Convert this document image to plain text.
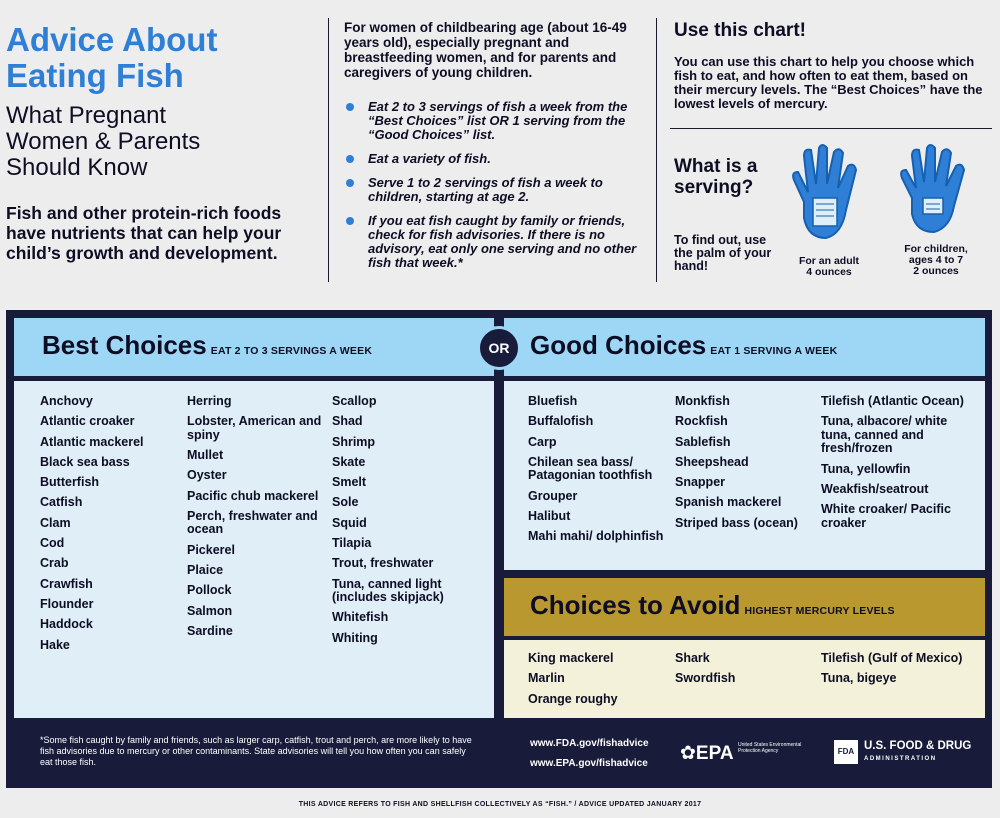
Advice About
Eating Fish
What Pregnant
Women & Parents
Should Know
Fish and other protein-rich foods have nutrients that can help your child’s growth and development.
For women of childbearing age (about 16-49 years old), especially pregnant and breastfeeding women, and for parents and caregivers of young children.
Eat 2 to 3 servings of fish a week from the “Best Choices” list OR 1 serving from the “Good Choices” list.
Eat a variety of fish.
Serve 1 to 2 servings of fish a week to children, starting at age 2.
If you eat fish caught by family or friends, check for fish advisories. If there is no advisory, eat only one serving and no other fish that week.*
Use this chart!
You can use this chart to help you choose which fish to eat, and how often to eat them, based on their mercury levels. The “Best Choices” have the lowest levels of mercury.
What is a serving?
To find out, use the palm of your hand!	For an adult
4 ounces
For children,
ages 4 to 7
2 ounces
Best Choices EAT 2 TO 3 SERVINGS A WEEK	Good Choices EAT 1 SERVING A WEEK
OR
Anchovy
Atlantic croaker
Atlantic mackerel
Black sea bass
Butterfish
Catfish
Clam
Cod
Crab
Crawfish
Flounder
Haddock
Hake
Herring
Lobster, American and spiny
Mullet
Oyster
Pacific chub mackerel
Perch, freshwater and ocean
Pickerel
Plaice
Pollock
Salmon
Sardine
Scallop
Shad
Shrimp
Skate
Smelt
Sole
Squid
Tilapia
Trout, freshwater
Tuna, canned light (includes skipjack)
Whitefish
Whiting
Bluefish
Buffalofish
Carp
Chilean sea bass/ Patagonian toothfish
Grouper
Halibut
Mahi mahi/ dolphinfish
Monkfish
Rockfish
Sablefish
Sheepshead
Snapper
Spanish mackerel
Striped bass (ocean)
Tilefish (Atlantic Ocean)
Tuna, albacore/ white tuna, canned and fresh/frozen
Tuna, yellowfin
Weakfish/seatrout
White croaker/ Pacific croaker
Choices to Avoid HIGHEST MERCURY LEVELS
King mackerel
Marlin
Orange roughy
Shark
Swordfish
Tilefish (Gulf of Mexico)
Tuna, bigeye
*Some fish caught by family and friends, such as larger carp, catfish, trout and perch, are more likely to have fish advisories due to mercury or other contaminants. State advisories will tell you how often you can safely eat those fish.
www.FDA.gov/fishadvice
www.EPA.gov/fishadvice ✿EPA United States Environmental Protection Agency	FDA U.S. FOOD & DRUG
ADMINISTRATION
THIS ADVICE REFERS TO FISH AND SHELLFISH COLLECTIVELY AS “FISH.” / ADVICE UPDATED JANUARY 2017
